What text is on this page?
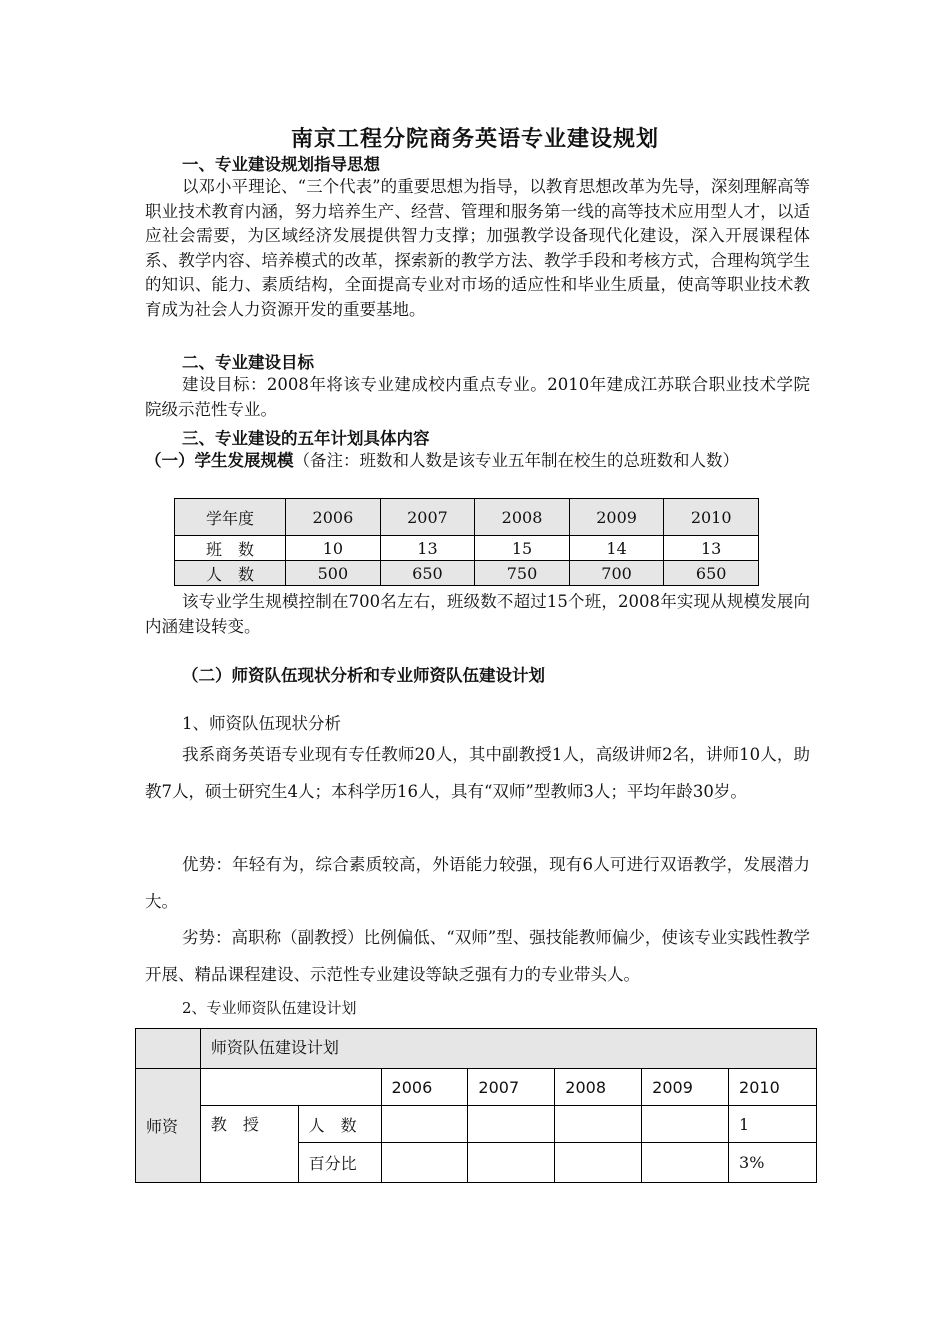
南京工程分院商务英语专业建设规划
一、专业建设规划指导思想
以邓小平理论、“三个代表”的重要思想为指导，以教育思想改革为先导，深刻理解高等职业技术教育内涵，努力培养生产、经营、管理和服务第一线的高等技术应用型人才，以适应社会需要，为区域经济发展提供智力支撑；加强教学设备现代化建设，深入开展课程体系、教学内容、培养模式的改革，探索新的教学方法、教学手段和考核方式，合理构筑学生的知识、能力、素质结构，全面提高专业对市场的适应性和毕业生质量，使高等职业技术教育成为社会人力资源开发的重要基地。
二、专业建设目标
建设目标：2008年将该专业建成校内重点专业。2010年建成江苏联合职业技术学院院级示范性专业。
三、专业建设的五年计划具体内容
（一）学生发展规模（备注：班数和人数是该专业五年制在校生的总班数和人数）
学年度	2006	2007	2008	2009	2010
班　数	10	13	15	14	13
人　数	500	650	750	700	650
该专业学生规模控制在700名左右，班级数不超过15个班，2008年实现从规模发展向内涵建设转变。
（二）师资队伍现状分析和专业师资队伍建设计划
1、师资队伍现状分析
我系商务英语专业现有专任教师20人，其中副教授1人，高级讲师2名，讲师10人，助教7人，硕士研究生4人；本科学历16人，具有“双师”型教师3人；平均年龄30岁。
优势：年轻有为，综合素质较高，外语能力较强，现有6人可进行双语教学，发展潜力大。
劣势：高职称（副教授）比例偏低、“双师”型、强技能教师偏少，使该专业实践性教学开展、精品课程建设、示范性专业建设等缺乏强有力的专业带头人。
2、专业师资队伍建设计划
	师资队伍建设计划						
师资			2006	2007	2008	2009	2010
	教　授	人　数					1
		百分比					3%
